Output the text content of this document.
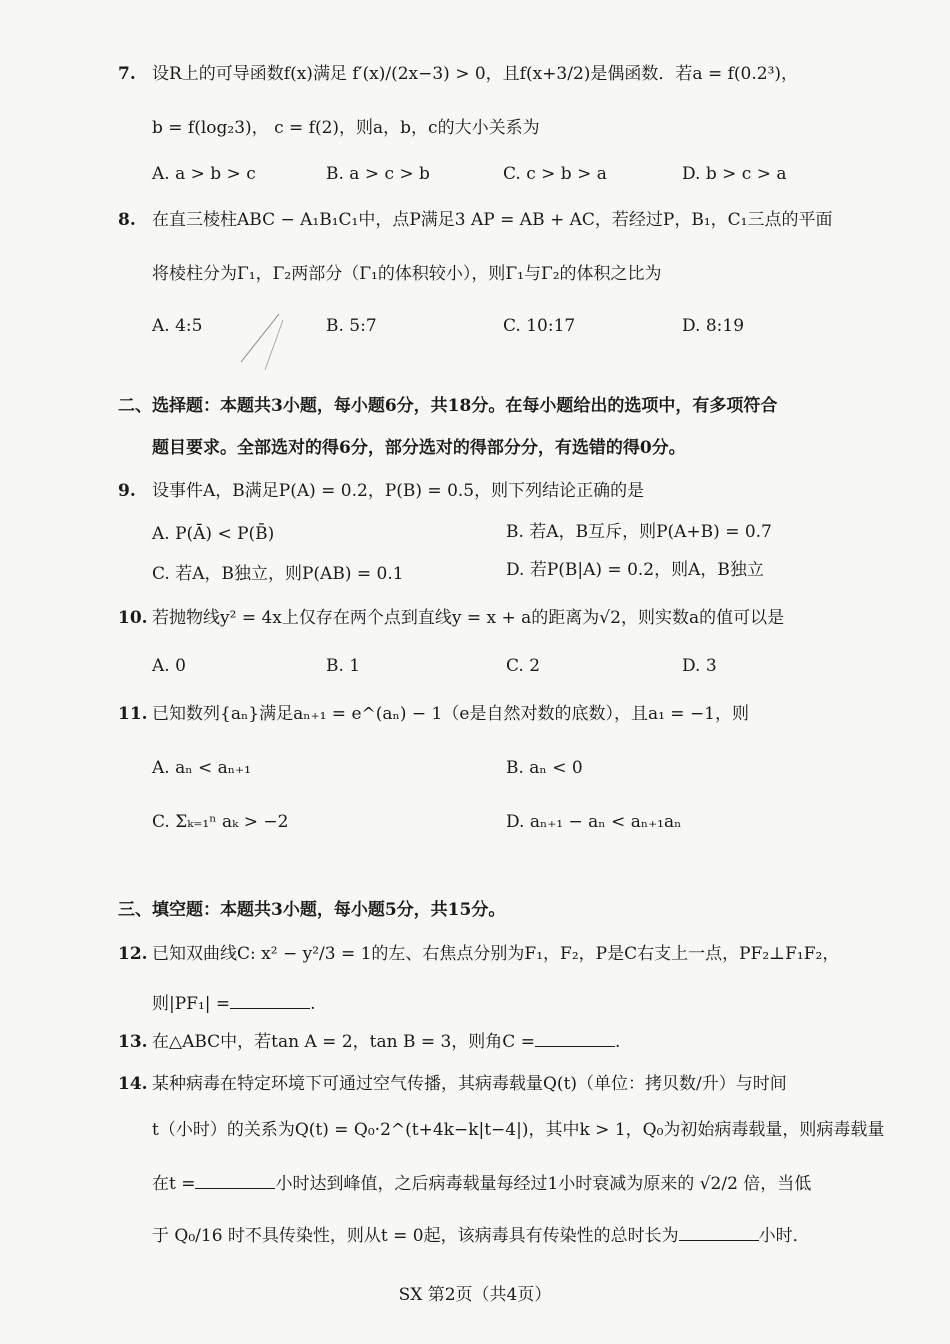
7. 设R上的可导函数f(x)满足 f′(x)/(2x−3) > 0，且f(x+3/2)是偶函数．若a = f(0.2³)，
b = f(log₂3)， c = f(2)，则a，b，c的大小关系为
A. a > b > c	B. a > c > b	C. c > b > a	D. b > c > a
8. 在直三棱柱ABC − A₁B₁C₁中，点P满足3 AP = AB + AC，若经过P，B₁，C₁三点的平面
将棱柱分为Γ₁，Γ₂两部分（Γ₁的体积较小），则Γ₁与Γ₂的体积之比为
A. 4:5	B. 5:7	C. 10:17	D. 8:19
二、选择题：本题共3小题，每小题6分，共18分。在每小题给出的选项中，有多项符合
题目要求。全部选对的得6分，部分选对的得部分分，有选错的得0分。
9. 设事件A，B满足P(A) = 0.2，P(B) = 0.5，则下列结论正确的是
A. P(Ā) < P(B̄)	B. 若A，B互斥，则P(A+B) = 0.7
C. 若A，B独立，则P(AB) = 0.1	D. 若P(B|A) = 0.2，则A，B独立
10. 若抛物线y² = 4x上仅存在两个点到直线y = x + a的距离为√2，则实数a的值可以是
A. 0	B. 1	C. 2	D. 3
11. 已知数列{aₙ}满足aₙ₊₁ = e^(aₙ) − 1（e是自然对数的底数），且a₁ = −1，则
A. aₙ < aₙ₊₁	B. aₙ < 0
C. Σₖ₌₁ⁿ aₖ > −2	D. aₙ₊₁ − aₙ < aₙ₊₁aₙ
三、填空题：本题共3小题，每小题5分，共15分。
12. 已知双曲线C: x² − y²/3 = 1的左、右焦点分别为F₁，F₂，P是C右支上一点，PF₂⊥F₁F₂，
则|PF₁| =	.
13. 在△ABC中，若tan A = 2，tan B = 3，则角C =	.
14. 某种病毒在特定环境下可通过空气传播，其病毒载量Q(t)（单位：拷贝数/升）与时间
t（小时）的关系为Q(t) = Q₀·2^(t+4k−k|t−4|)，其中k > 1，Q₀为初始病毒载量，则病毒载量
在t =	小时达到峰值，之后病毒载量每经过1小时衰减为原来的 √2/2 倍，当低
于 Q₀/16 时不具传染性，则从t = 0起，该病毒具有传染性的总时长为	小时．
SX 第2页（共4页）
